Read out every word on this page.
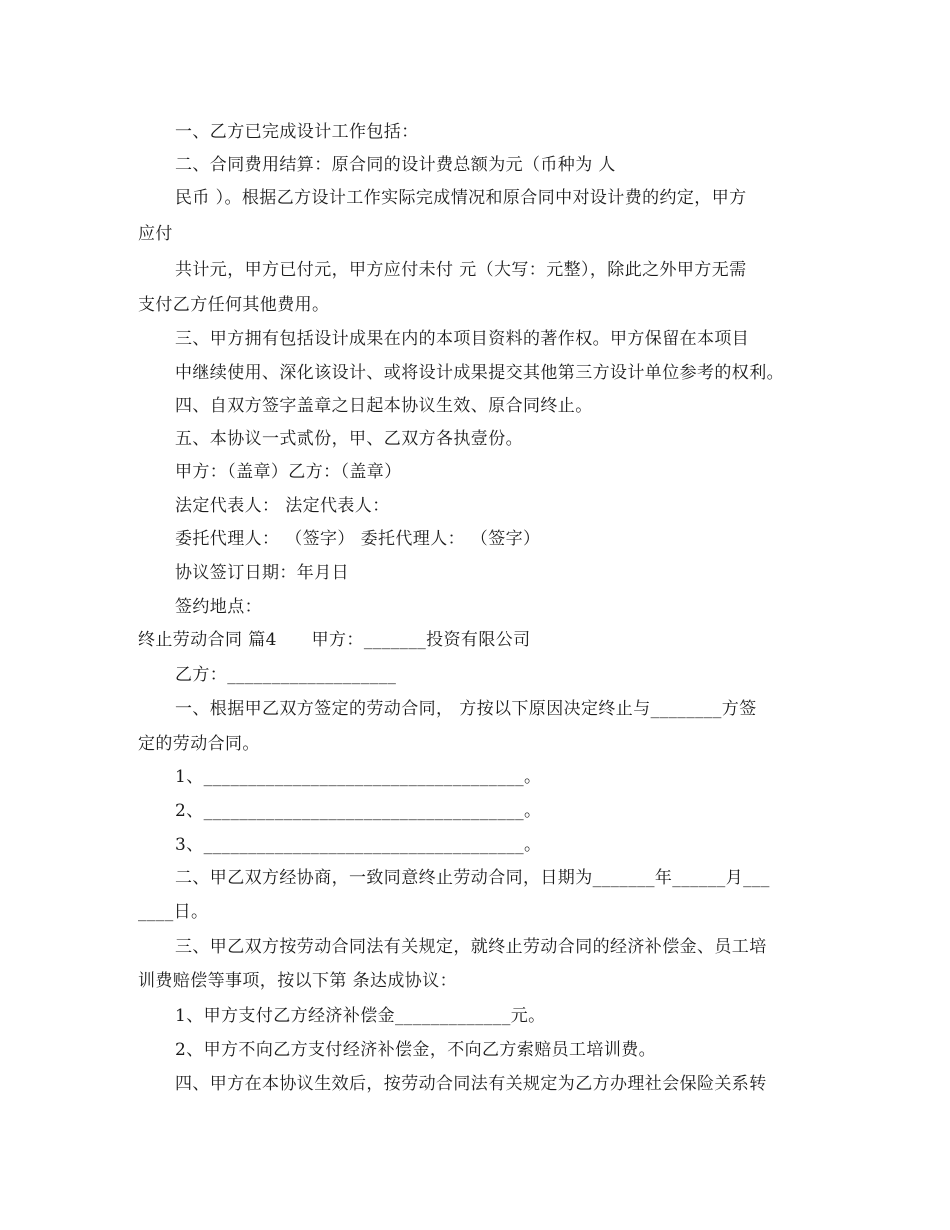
一、乙方已完成设计工作包括：
二、合同费用结算：原合同的设计费总额为元（币种为 人
民币 ）。根据乙方设计工作实际完成情况和原合同中对设计费的约定，甲方
应付
共计元，甲方已付元，甲方应付未付 元（大写：元整），除此之外甲方无需
支付乙方任何其他费用。
三、甲方拥有包括设计成果在内的本项目资料的著作权。甲方保留在本项目
中继续使用、深化该设计、或将设计成果提交其他第三方设计单位参考的权利。
四、自双方签字盖章之日起本协议生效、原合同终止。
五、本协议一式贰份，甲、乙双方各执壹份。
甲方：（盖章）乙方：（盖章）
法定代表人： 法定代表人：
委托代理人： （签字） 委托代理人： （签字）
协议签订日期：年月日
签约地点：
终止劳动合同 篇4　　甲方：_______投资有限公司
乙方：___________________
一、根据甲乙双方签定的劳动合同， 方按以下原因决定终止与________方签
定的劳动合同。
1、____________________________________。
2、____________________________________。
3、____________________________________。
二、甲乙双方经协商，一致同意终止劳动合同，日期为_______年______月___
____日。
三、甲乙双方按劳动合同法有关规定，就终止劳动合同的经济补偿金、员工培
训费赔偿等事项，按以下第 条达成协议：
1、甲方支付乙方经济补偿金_____________元。
2、甲方不向乙方支付经济补偿金，不向乙方索赔员工培训费。
四、甲方在本协议生效后，按劳动合同法有关规定为乙方办理社会保险关系转
